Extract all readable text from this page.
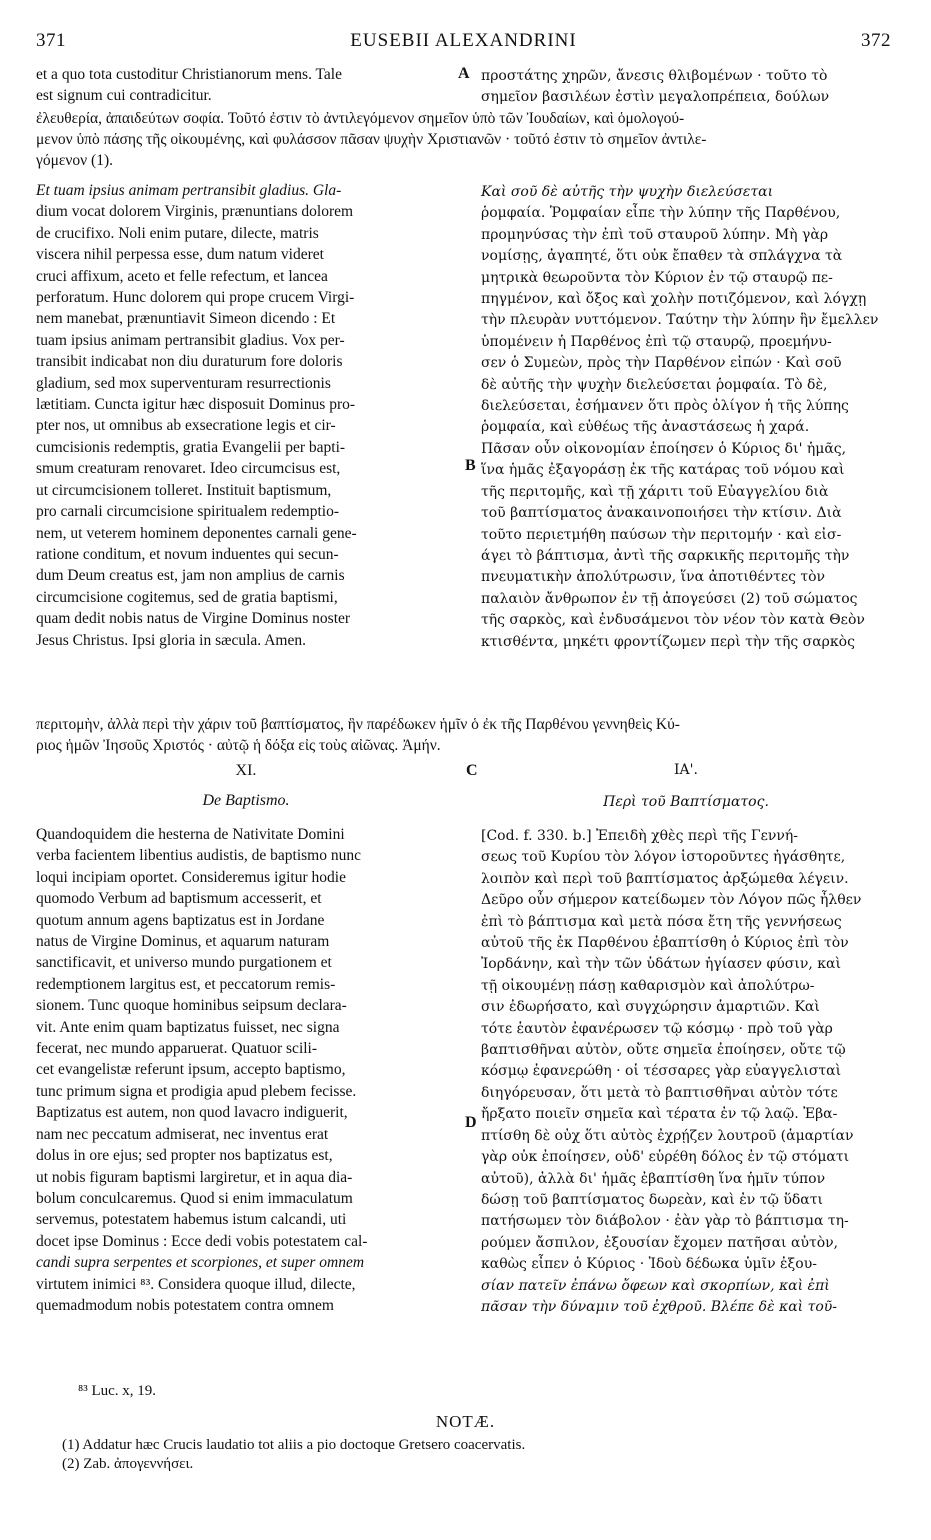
371	EUSEBII ALEXANDRINI	372
et a quo tota custoditur Christianorum mens. Tale
est signum cui contradicitur.
A προστάτης χηρῶν, ἄνεσις θλιβομένων · τοῦτο τὸ
σημεῖον βασιλέων ἐστὶν μεγαλοπρέπεια, δούλων
ἐλευθερία, ἀπαιδεύτων σοφία. Τοῦτό ἐστιν τὸ ἀντιλεγόμενον σημεῖον ὑπὸ τῶν Ἰουδαίων, καὶ ὁμολογού-
μενον ὑπὸ πάσης τῆς οἰκουμένης, καὶ φυλάσσον πᾶσαν ψυχὴν Χριστιανῶν · τοῦτό ἐστιν τὸ σημεῖον ἀντιλε-
γόμενον (1).
Et tuam ipsius animam pertransibit gladius. Gla-
dium vocat dolorem Virginis, prænuntians dolorem
de crucifixo. Noli enim putare, dilecte, matris
viscera nihil perpessa esse, dum natum videret
cruci affixum, aceto et felle refectum, et lancea
perforatum. Hunc dolorem qui prope crucem Virgi-
nem manebat, prænuntiavit Simeon dicendo : Et
tuam ipsius animam pertransibit gladius. Vox per-
transibit indicabat non diu duraturum fore doloris
gladium, sed mox superventuram resurrectionis
lætitiam. Cuncta igitur hæc disposuit Dominus pro-
pter nos, ut omnibus ab exsecratione legis et cir-
cumcisionis redemptis, gratia Evangelii per bapti-
smum creaturam renovaret. Ideo circumcisus est,
ut circumcisionem tolleret. Instituit baptismum,
pro carnali circumcisione spiritualem redemptio-
nem, ut veterem hominem deponentes carnali gene-
ratione conditum, et novum induentes qui secun-
dum Deum creatus est, jam non amplius de carnis
circumcisione cogitemus, sed de gratia baptismi,
quam dedit nobis natus de Virgine Dominus noster
Jesus Christus. Ipsi gloria in sæcula. Amen.
Καὶ σοῦ δὲ αὐτῆς τὴν ψυχὴν διελεύσεται
ῥομφαία. Ῥομφαίαν εἶπε τὴν λύπην τῆς Παρθένου,
προμηνύσας τὴν ἐπὶ τοῦ σταυροῦ λύπην. Μὴ γὰρ
νομίσῃς, ἀγαπητέ, ὅτι οὐκ ἔπαθεν τὰ σπλάγχνα τὰ
μητρικὰ θεωροῦντα τὸν Κύριον ἐν τῷ σταυρῷ πε-
πηγμένον, καὶ ὄξος καὶ χολὴν ποτιζόμενον, καὶ λόγχῃ
τὴν πλευρὰν νυττόμενον. Ταύτην τὴν λύπην ἣν ἔμελλεν
ὑπομένειν ἡ Παρθένος ἐπὶ τῷ σταυρῷ, προεμήνυ-
σεν ὁ Συμεὼν, πρὸς τὴν Παρθένον εἰπών · Καὶ σοῦ
δὲ αὐτῆς τὴν ψυχὴν διελεύσεται ῥομφαία. Τὸ δὲ,
διελεύσεται, ἐσήμανεν ὅτι πρὸς ὀλίγον ἡ τῆς λύπης
ῥομφαία, καὶ εὐθέως τῆς ἀναστάσεως ἡ χαρά.
Πᾶσαν οὖν οἰκονομίαν ἐποίησεν ὁ Κύριος δι' ἡμᾶς,
ἵνα ἡμᾶς ἐξαγοράσῃ ἐκ τῆς κατάρας τοῦ νόμου καὶ
τῆς περιτομῆς, καὶ τῇ χάριτι τοῦ Εὐαγγελίου διὰ
τοῦ βαπτίσματος ἀνακαινοποιήσει τὴν κτίσιν. Διὰ
τοῦτο περιετμήθη παύσων τὴν περιτομήν · καὶ εἰσ-
άγει τὸ βάπτισμα, ἀντὶ τῆς σαρκικῆς περιτομῆς τὴν
πνευματικὴν ἀπολύτρωσιν, ἵνα ἀποτιθέντες τὸν
παλαιὸν ἄνθρωπον ἐν τῇ ἀπογεύσει (2) τοῦ σώματος
τῆς σαρκὸς, καὶ ἐνδυσάμενοι τὸν νέον τὸν κατὰ Θεὸν
κτισθέντα, μηκέτι φροντίζωμεν περὶ τὴν τῆς σαρκὸς
B
περιτομὴν, ἀλλὰ περὶ τὴν χάριν τοῦ βαπτίσματος, ἣν παρέδωκεν ἡμῖν ὁ ἐκ τῆς Παρθένου γεννηθεὶς Κύ-
ριος ἡμῶν Ἰησοῦς Χριστός · αὐτῷ ἡ δόξα εἰς τοὺς αἰῶνας. Ἀμήν.
XI.	C	ΙΑ'.
De Baptismo.	Περὶ τοῦ Βαπτίσματος.
Quandoquidem die hesterna de Nativitate Domini
verba facientem libentius audistis, de baptismo nunc
loqui incipiam oportet. Consideremus igitur hodie
quomodo Verbum ad baptismum accesserit, et
quotum annum agens baptizatus est in Jordane
natus de Virgine Dominus, et aquarum naturam
sanctificavit, et universo mundo purgationem et
redemptionem largitus est, et peccatorum remis-
sionem. Tunc quoque hominibus seipsum declara-
vit. Ante enim quam baptizatus fuisset, nec signa
fecerat, nec mundo apparuerat. Quatuor scili-
cet evangelistæ referunt ipsum, accepto baptismo,
tunc primum signa et prodigia apud plebem fecisse.
Baptizatus est autem, non quod lavacro indiguerit,
nam nec peccatum admiserat, nec inventus erat
dolus in ore ejus; sed propter nos baptizatus est,
ut nobis figuram baptismi largiretur, et in aqua dia-
bolum conculcaremus. Quod si enim immaculatum
servemus, potestatem habemus istum calcandi, uti
docet ipse Dominus : Ecce dedi vobis potestatem cal-
candi supra serpentes et scorpiones, et super omnem
virtutem inimici ⁸³. Considera quoque illud, dilecte,
quemadmodum nobis potestatem contra omnem
[Cod. f. 330. b.] Ἐπειδὴ χθὲς περὶ τῆς Γεννή-
σεως τοῦ Κυρίου τὸν λόγον ἱστοροῦντες ἠγάσθητε,
λοιπὸν καὶ περὶ τοῦ βαπτίσματος ἀρξώμεθα λέγειν.
Δεῦρο οὖν σήμερον κατείδωμεν τὸν Λόγον πῶς ἦλθεν
ἐπὶ τὸ βάπτισμα καὶ μετὰ πόσα ἔτη τῆς γεννήσεως
αὐτοῦ τῆς ἐκ Παρθένου ἐβαπτίσθη ὁ Κύριος ἐπὶ τὸν
Ἰορδάνην, καὶ τὴν τῶν ὑδάτων ἡγίασεν φύσιν, καὶ
τῇ οἰκουμένῃ πάσῃ καθαρισμὸν καὶ ἀπολύτρω-
σιν ἐδωρήσατο, καὶ συγχώρησιν ἁμαρτιῶν. Καὶ
τότε ἑαυτὸν ἐφανέρωσεν τῷ κόσμῳ · πρὸ τοῦ γὰρ
βαπτισθῆναι αὐτὸν, οὔτε σημεῖα ἐποίησεν, οὔτε τῷ
κόσμῳ ἐφανερώθη · οἱ τέσσαρες γὰρ εὐαγγελισταὶ
διηγόρευσαν, ὅτι μετὰ τὸ βαπτισθῆναι αὐτὸν τότε
ἤρξατο ποιεῖν σημεῖα καὶ τέρατα ἐν τῷ λαῷ. Ἐβα-
πτίσθη δὲ οὐχ ὅτι αὐτὸς ἐχρῄζεν λουτροῦ (ἁμαρτίαν
γὰρ οὐκ ἐποίησεν, οὐδ' εὑρέθη δόλος ἐν τῷ στόματι
αὐτοῦ), ἀλλὰ δι' ἡμᾶς ἐβαπτίσθη ἵνα ἡμῖν τύπον
δώσῃ τοῦ βαπτίσματος δωρεὰν, καὶ ἐν τῷ ὕδατι
πατήσωμεν τὸν διάβολον · ἐὰν γὰρ τὸ βάπτισμα τη-
ρούμεν ἄσπιλον, ἐξουσίαν ἔχομεν πατῆσαι αὐτὸν,
καθὼς εἶπεν ὁ Κύριος · Ἰδοὺ δέδωκα ὑμῖν ἐξου-
σίαν πατεῖν ἐπάνω ὄφεων καὶ σκορπίων, καὶ ἐπὶ
πᾶσαν τὴν δύναμιν τοῦ ἐχθροῦ. Βλέπε δὲ καὶ τοῦ-
D
⁸³ Luc. x, 19.
NOTÆ.
(1) Addatur hæc Crucis laudatio tot aliis a pio doctoque Gretsero coacervatis.
(2) Zab. ἀπογεννήσει.
